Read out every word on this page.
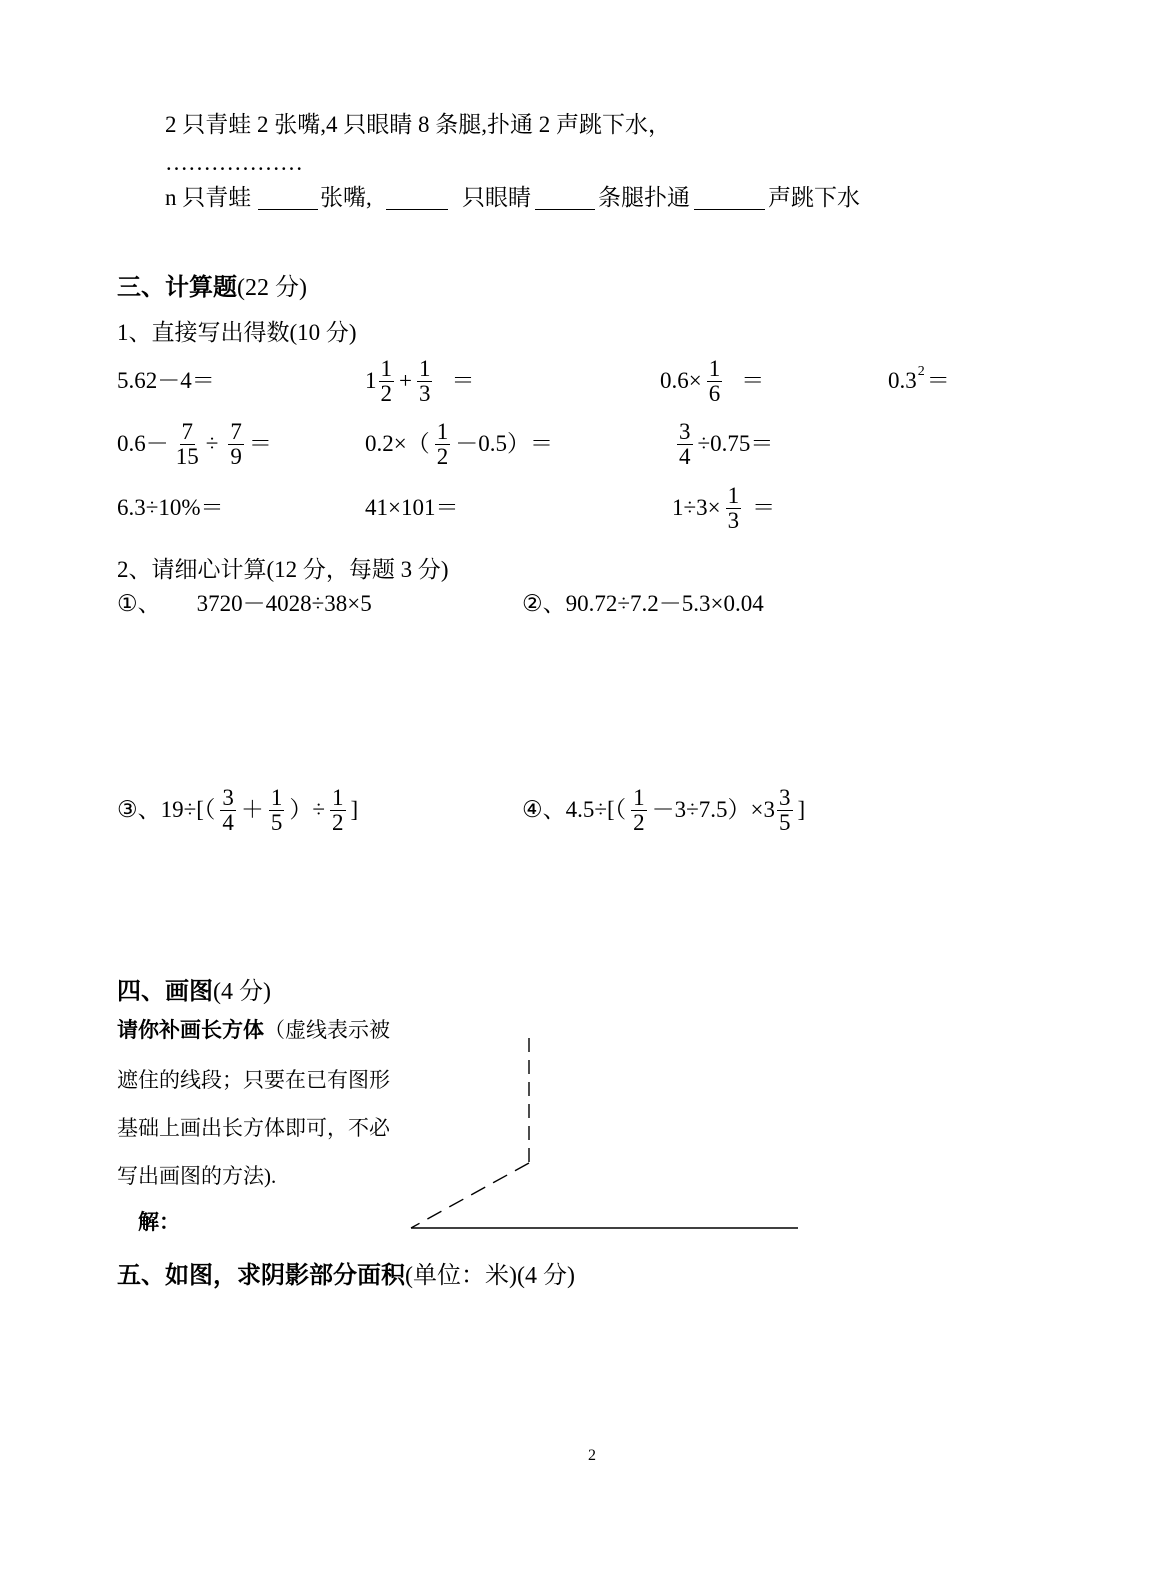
2 只青蛙 2 张嘴,4 只眼睛 8 条腿,扑通 2 声跳下水，
………………
n 只青蛙	张嘴,	只眼睛	条腿扑通	声跳下水
三、计算题(22 分)
1、直接写出得数(10 分)
5.62－4＝	$1 \frac{1}{2} + \frac{1}{3}$ ＝	$0.6\times \frac{1}{6}$ ＝	0.3 2 ＝
$0.6- \frac{7}{15} \div \frac{7}{9}$ ＝	$0.2\times( \frac{1}{2} -0.5)=$	$\frac{3}{4} \div 0.75=$
6.3÷10%＝	41×101＝	$1\div 3\times \frac{1}{3}$ ＝
2、请细心计算(12 分，每题 3 分)
①、 3720－4028÷38×5	②、90.72÷7.2－5.3×0.04
③、 $19\div[( \frac{3}{4} + \frac{1}{5}$ ）÷ $\frac{1}{2}$ ]	④、 $4.5\div[( \frac{1}{2} -3\div 7.5)\times 3 \frac{3}{5}$ ]
四、画图(4 分)
请你补画长方体（虚线表示被
遮住的线段；只要在已有图形
基础上画出长方体即可，不必
写出画图的方法).
解：
五、如图，求阴影部分面积(单位：米)(4 分)
2
